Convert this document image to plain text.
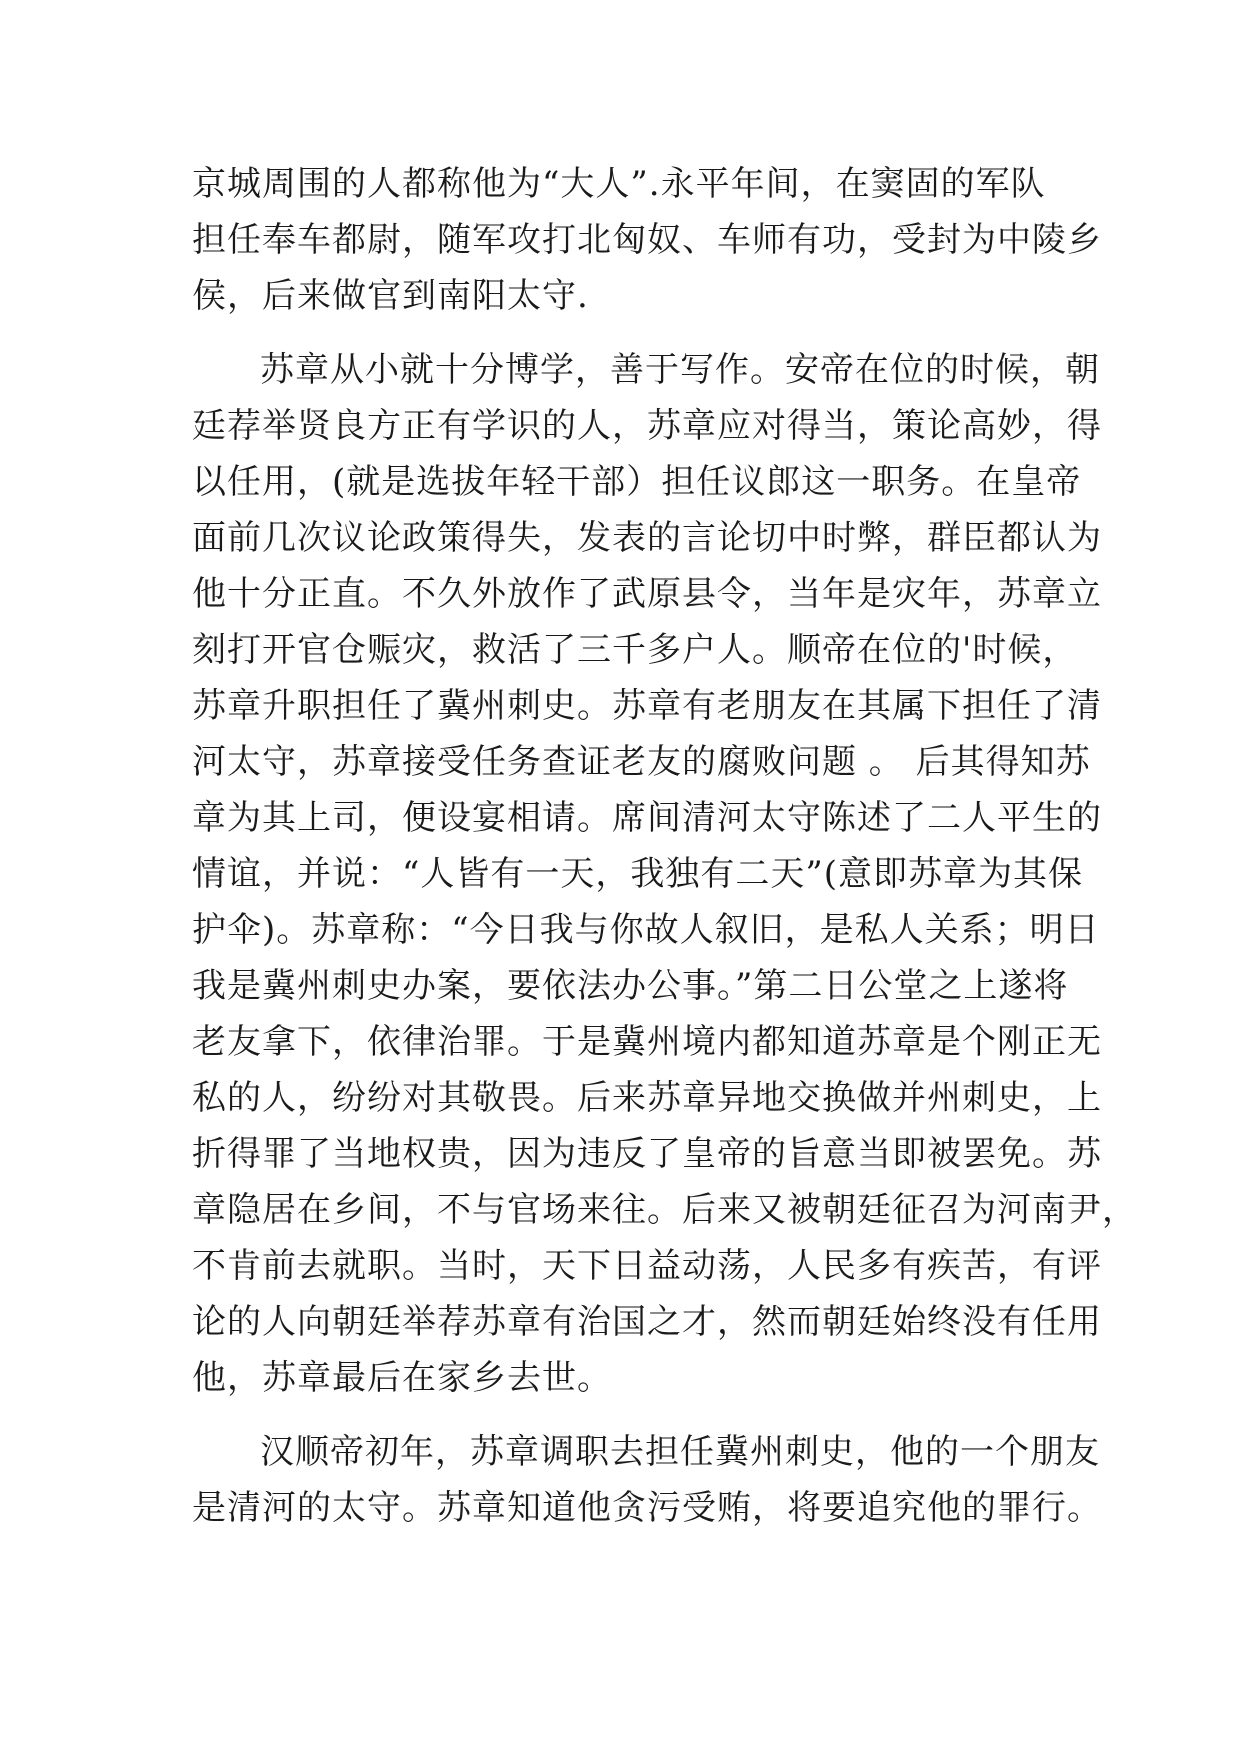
京城周围的人都称他为“大人”.永平年间，在窦固的军队
担任奉车都尉，随军攻打北匈奴、车师有功，受封为中陵乡
侯，后来做官到南阳太守.
苏章从小就十分博学，善于写作。安帝在位的时候，朝
廷荐举贤良方正有学识的人，苏章应对得当，策论高妙，得
以任用，(就是选拔年轻干部）担任议郎这一职务。在皇帝
面前几次议论政策得失，发表的言论切中时弊，群臣都认为
他十分正直。不久外放作了武原县令，当年是灾年，苏章立
刻打开官仓赈灾，救活了三千多户人。顺帝在位的'时候，
苏章升职担任了冀州刺史。苏章有老朋友在其属下担任了清
河太守，苏章接受任务查证老友的腐败问题 。 后其得知苏
章为其上司，便设宴相请。席间清河太守陈述了二人平生的
情谊，并说：“人皆有一天，我独有二天”(意即苏章为其保
护伞)。苏章称：“今日我与你故人叙旧，是私人关系；明日
我是冀州刺史办案，要依法办公事。”第二日公堂之上遂将
老友拿下，依律治罪。于是冀州境内都知道苏章是个刚正无
私的人，纷纷对其敬畏。后来苏章异地交换做并州刺史，上
折得罪了当地权贵，因为违反了皇帝的旨意当即被罢免。苏
章隐居在乡间，不与官场来往。后来又被朝廷征召为河南尹，
不肯前去就职。当时，天下日益动荡，人民多有疾苦，有评
论的人向朝廷举荐苏章有治国之才，然而朝廷始终没有任用
他，苏章最后在家乡去世。
汉顺帝初年，苏章调职去担任冀州刺史，他的一个朋友
是清河的太守。苏章知道他贪污受贿，将要追究他的罪行。
